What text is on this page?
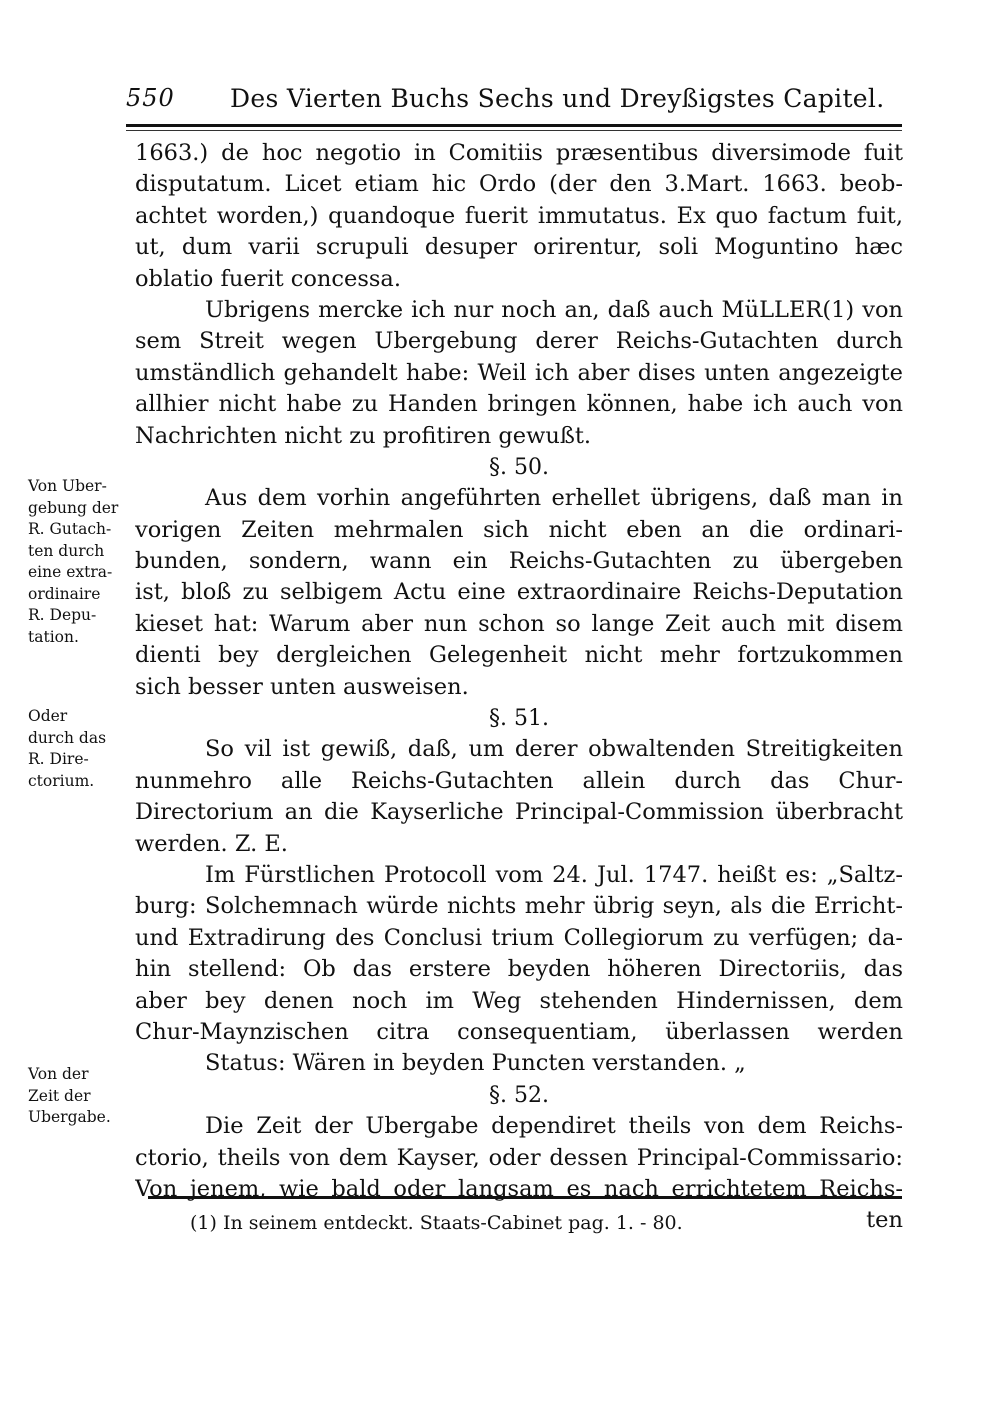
550 Des Vierten Buchs Sechs und Dreyßigstes Capitel.
1663.) de hoc negotio in Comitiis præsentibus diversimode fuit
disputatum. Licet etiam hic Ordo (der den 3.Mart. 1663. beob-
achtet worden,) quandoque fuerit immutatus. Ex quo factum fuit,
ut, dum varii scrupuli desuper orirentur, soli Moguntino hæc
oblatio fuerit concessa.
Ubrigens mercke ich nur noch an, daß auch MüLLER(1) von
sem Streit wegen Ubergebung derer Reichs-Gutachten durch
umständlich gehandelt habe: Weil ich aber dises unten angezeigte
allhier nicht habe zu Handen bringen können, habe ich auch von
Nachrichten nicht zu profitiren gewußt.
§. 50.
Aus dem vorhin angeführten erhellet übrigens, daß man in
vorigen Zeiten mehrmalen sich nicht eben an die ordinari-
bunden, sondern, wann ein Reichs-Gutachten zu übergeben
ist, bloß zu selbigem Actu eine extraordinaire Reichs-Deputation
kieset hat: Warum aber nun schon so lange Zeit auch mit disem
dienti bey dergleichen Gelegenheit nicht mehr fortzukommen
sich besser unten ausweisen.
§. 51.
So vil ist gewiß, daß, um derer obwaltenden Streitigkeiten
nunmehro alle Reichs-Gutachten allein durch das Chur-
Directorium an die Kayserliche Principal-Commission überbracht
werden. Z. E.
Im Fürstlichen Protocoll vom 24. Jul. 1747. heißt es: „Saltz-
burg: Solchemnach würde nichts mehr übrig seyn, als die Erricht-
und Extradirung des Conclusi trium Collegiorum zu verfügen; da-
hin stellend: Ob das erstere beyden höheren Directoriis, das
aber bey denen noch im Weg stehenden Hindernissen, dem
Chur-Maynzischen citra consequentiam, überlassen werden
Status: Wären in beyden Puncten verstanden. „
§. 52.
Die Zeit der Ubergabe dependiret theils von dem Reichs-
ctorio, theils von dem Kayser, oder dessen Principal-Commissario:
Von jenem, wie bald oder langsam es nach errichtetem Reichs-
ten
Von Uber-
gebung der
R. Gutach-
ten durch
eine extra-
ordinaire
R. Depu-
tation.
Oder
durch das
R. Dire-
ctorium.
Von der
Zeit der
Ubergabe.
(1) In seinem entdeckt. Staats-Cabinet pag. 1. - 80.
